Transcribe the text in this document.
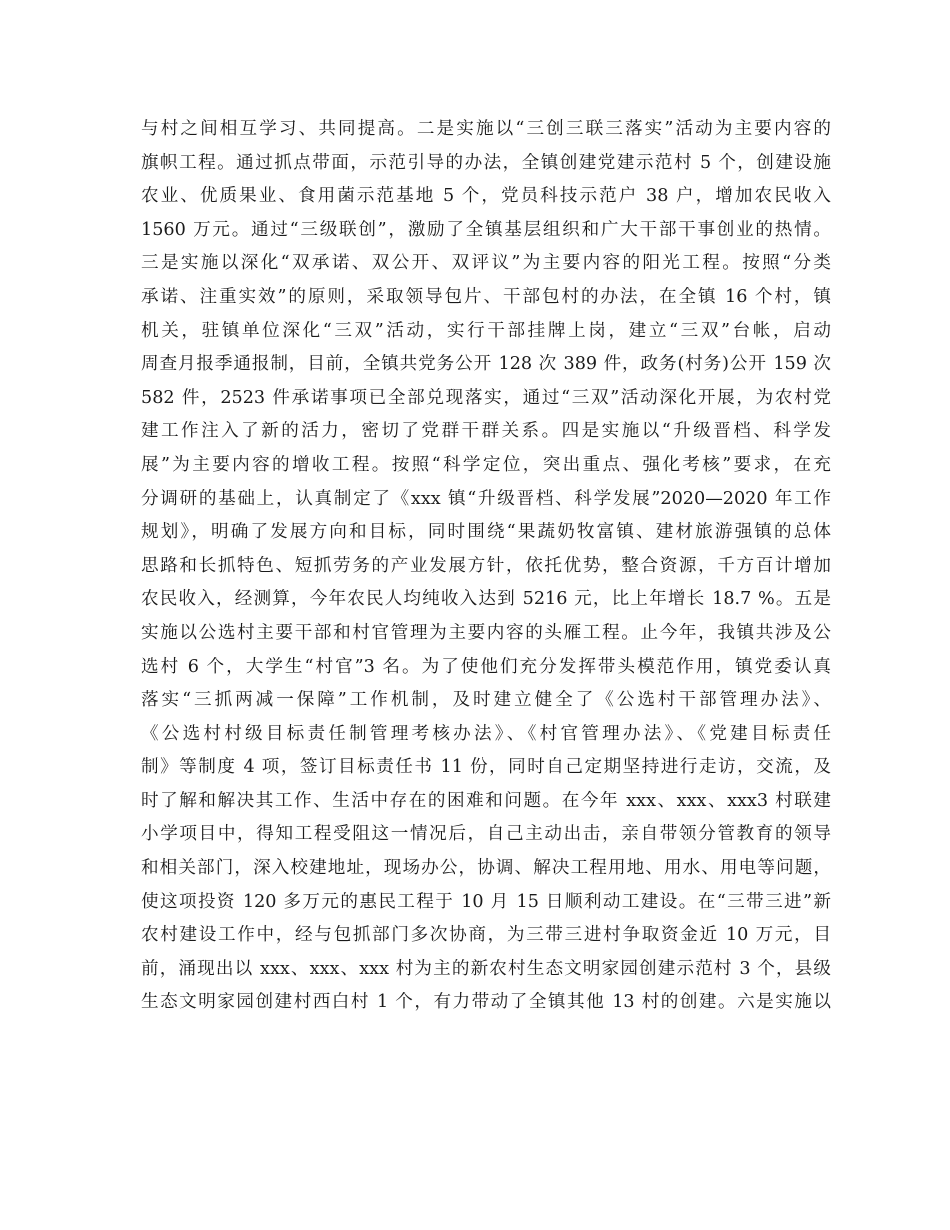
与村之间相互学习、共同提高。二是实施以“三创三联三落实”活动为主要内容的
旗帜工程。通过抓点带面，示范引导的办法，全镇创建党建示范村 5 个，创建设施
农业、优质果业、食用菌示范基地 5 个，党员科技示范户 38 户，增加农民收入
1560 万元。通过“三级联创”，激励了全镇基层组织和广大干部干事创业的热情。
三是实施以深化“双承诺、双公开、双评议”为主要内容的阳光工程。按照“分类
承诺、注重实效”的原则，采取领导包片、干部包村的办法，在全镇 16 个村，镇
机关，驻镇单位深化“三双”活动，实行干部挂牌上岗，建立“三双”台帐，启动
周查月报季通报制，目前，全镇共党务公开 128 次 389 件，政务(村务)公开 159 次
582 件，2523 件承诺事项已全部兑现落实，通过“三双”活动深化开展，为农村党
建工作注入了新的活力，密切了党群干群关系。四是实施以“升级晋档、科学发
展”为主要内容的增收工程。按照“科学定位，突出重点、强化考核”要求，在充
分调研的基础上，认真制定了《xxx 镇“升级晋档、科学发展”2020—2020 年工作
规划》，明确了发展方向和目标，同时围绕“果蔬奶牧富镇、建材旅游强镇的总体
思路和长抓特色、短抓劳务的产业发展方针，依托优势，整合资源，千方百计增加
农民收入，经测算，今年农民人均纯收入达到 5216 元，比上年增长 18.7 %。五是
实施以公选村主要干部和村官管理为主要内容的头雁工程。止今年，我镇共涉及公
选村 6 个，大学生“村官”3 名。为了使他们充分发挥带头模范作用，镇党委认真
落实“三抓两减一保障”工作机制，及时建立健全了《公选村干部管理办法》、
《公选村村级目标责任制管理考核办法》、《村官管理办法》、《党建目标责任
制》等制度 4 项，签订目标责任书 11 份，同时自己定期坚持进行走访，交流，及
时了解和解决其工作、生活中存在的困难和问题。在今年 xxx、xxx、xxx3 村联建
小学项目中，得知工程受阻这一情况后，自己主动出击，亲自带领分管教育的领导
和相关部门，深入校建地址，现场办公，协调、解决工程用地、用水、用电等问题，
使这项投资 120 多万元的惠民工程于 10 月 15 日顺利动工建设。在“三带三进”新
农村建设工作中，经与包抓部门多次协商，为三带三进村争取资金近 10 万元，目
前，涌现出以 xxx、xxx、xxx 村为主的新农村生态文明家园创建示范村 3 个，县级
生态文明家园创建村西白村 1 个，有力带动了全镇其他 13 村的创建。六是实施以
